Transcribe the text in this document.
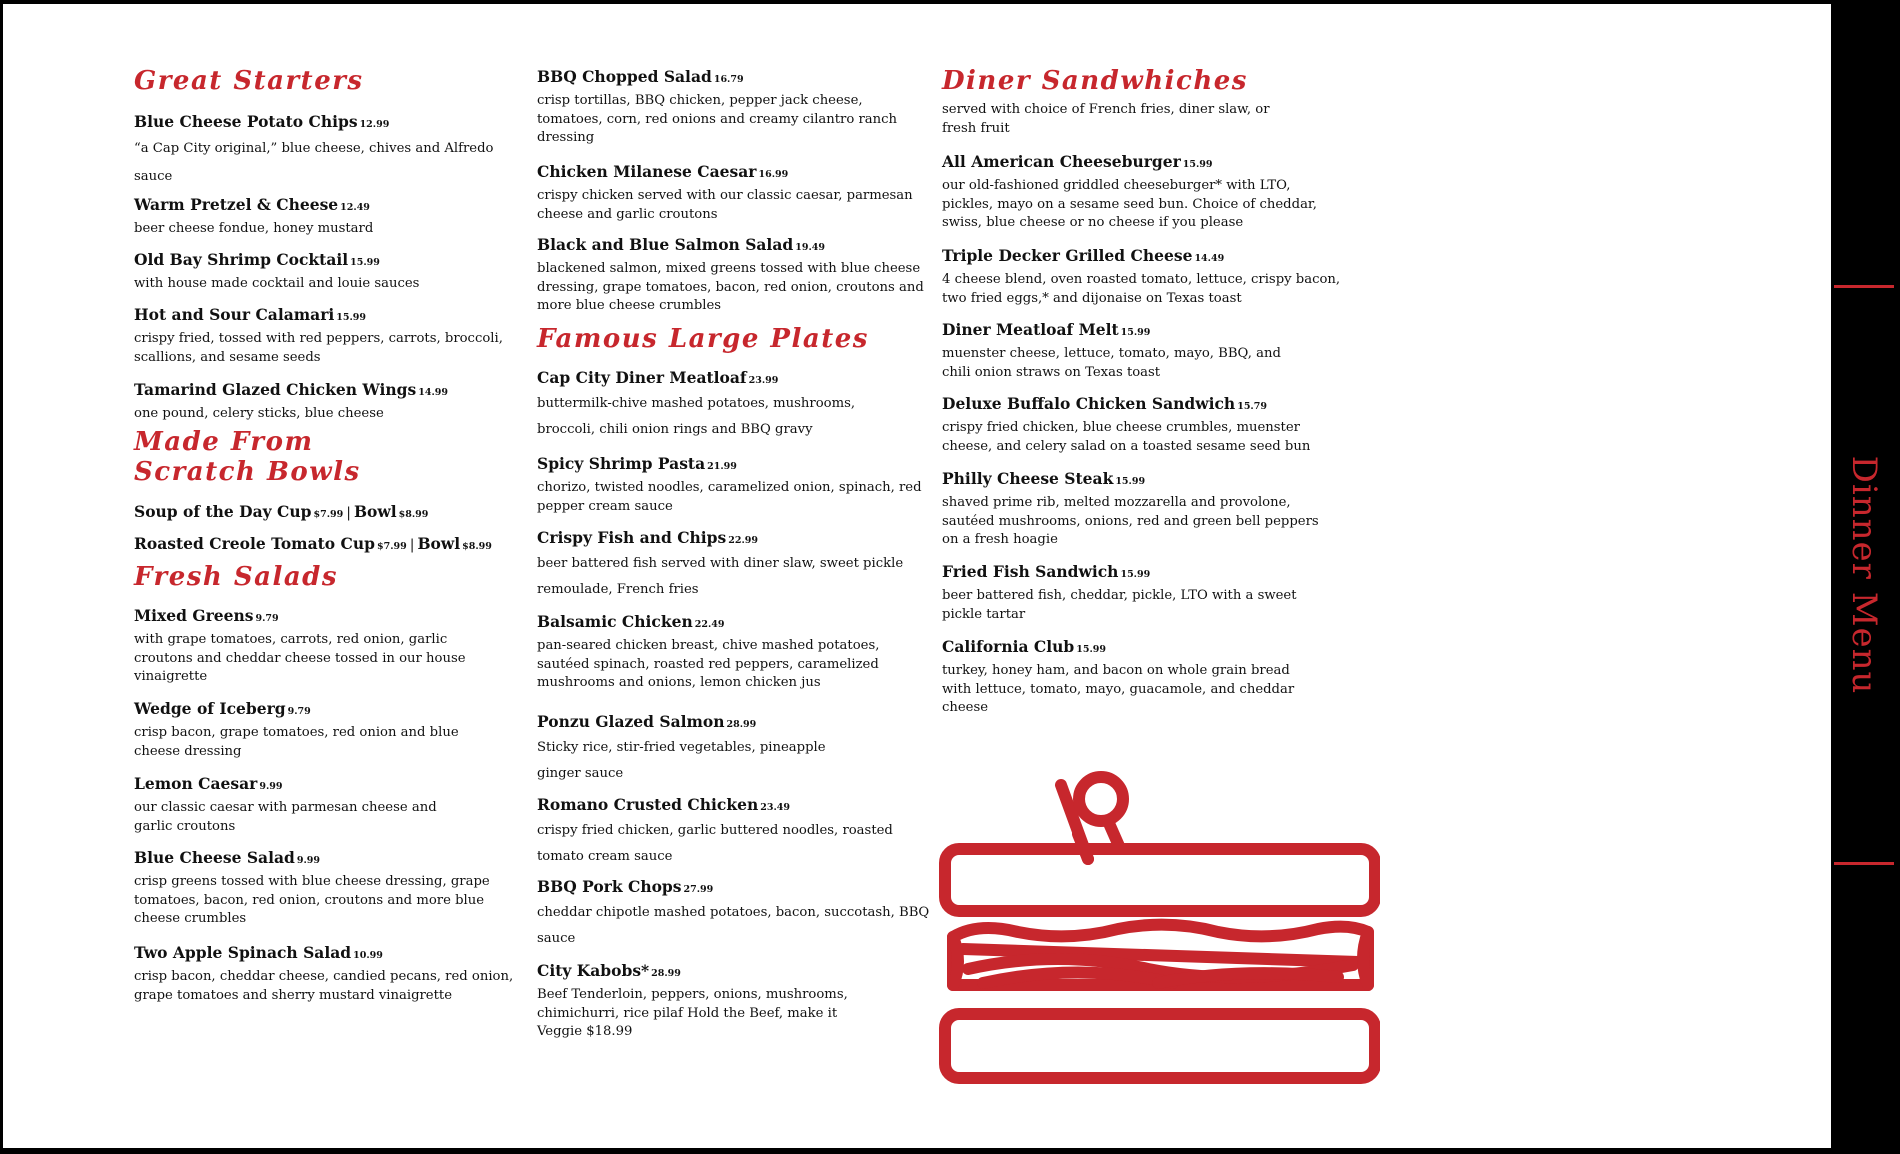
Dinner Menu
Great Starters

Blue Cheese Potato Chips 12.99

“a Cap City original,” blue cheese, chives and Alfredo sauce

Warm Pretzel & Cheese 12.49

beer cheese fondue, honey mustard

Old Bay Shrimp Cocktail 15.99

with house made cocktail and louie sauces

Hot and Sour Calamari 15.99

crispy fried, tossed with red peppers, carrots, broccoli, scallions, and sesame seeds

Tamarind Glazed Chicken Wings 14.99

one pound, celery sticks, blue cheese

Made From
Scratch Bowls

Soup of the Day Cup $7.99 | Bowl $8.99

Roasted Creole Tomato Cup $7.99 | Bowl $8.99

Fresh Salads

Mixed Greens 9.79

with grape tomatoes, carrots, red onion, garlic croutons and cheddar cheese tossed in our house vinaigrette

Wedge of Iceberg 9.79

crisp bacon, grape tomatoes, red onion and blue cheese dressing

Lemon Caesar 9.99

our classic caesar with parmesan cheese and garlic croutons

Blue Cheese Salad 9.99

crisp greens tossed with blue cheese dressing, grape tomatoes, bacon, red onion, croutons and more blue cheese crumbles

Two Apple Spinach Salad 10.99

crisp bacon, cheddar cheese, candied pecans, red onion, grape tomatoes and sherry mustard vinaigrette

BBQ Chopped Salad 16.79

crisp tortillas, BBQ chicken, pepper jack cheese, tomatoes, corn, red onions and creamy cilantro ranch dressing

Chicken Milanese Caesar 16.99

crispy chicken served with our classic caesar, parmesan cheese and garlic croutons

Black and Blue Salmon Salad 19.49

blackened salmon, mixed greens tossed with blue cheese dressing, grape tomatoes, bacon, red onion, croutons and more blue cheese crumbles

Famous Large Plates

Cap City Diner Meatloaf 23.99

buttermilk-chive mashed potatoes, mushrooms, broccoli, chili onion rings and BBQ gravy

Spicy Shrimp Pasta 21.99

chorizo, twisted noodles, caramelized onion, spinach, red pepper cream sauce

Crispy Fish and Chips 22.99

beer battered fish served with diner slaw, sweet pickle remoulade, French fries

Balsamic Chicken 22.49

pan-seared chicken breast, chive mashed potatoes, sautéed spinach, roasted red peppers, caramelized mushrooms and onions, lemon chicken jus

Ponzu Glazed Salmon 28.99

Sticky rice, stir-fried vegetables, pineapple ginger sauce

Romano Crusted Chicken 23.49

crispy fried chicken, garlic buttered noodles, roasted tomato cream sauce

BBQ Pork Chops 27.99

cheddar chipotle mashed potatoes, bacon, succotash, BBQ sauce

City Kabobs* 28.99

Beef Tenderloin, peppers, onions, mushrooms, chimichurri, rice pilaf Hold the Beef, make it Veggie $18.99

Diner Sandwhiches
served with choice of French fries, diner slaw, or fresh fruit

All American Cheeseburger 15.99

our old-fashioned griddled cheeseburger* with LTO, pickles, mayo on a sesame seed bun. Choice of cheddar, swiss, blue cheese or no cheese if you please

Triple Decker Grilled Cheese 14.49

4 cheese blend, oven roasted tomato, lettuce, crispy bacon, two fried eggs,* and dijonaise on Texas toast

Diner Meatloaf Melt 15.99

muenster cheese, lettuce, tomato, mayo, BBQ, and chili onion straws on Texas toast

Deluxe Buffalo Chicken Sandwich 15.79

crispy fried chicken, blue cheese crumbles, muenster cheese, and celery salad on a toasted sesame seed bun

Philly Cheese Steak 15.99

shaved prime rib, melted mozzarella and provolone, sautéed mushrooms, onions, red and green bell peppers on a fresh hoagie

Fried Fish Sandwich 15.99

beer battered fish, cheddar, pickle, LTO with a sweet pickle tartar

California Club 15.99

turkey, honey ham, and bacon on whole grain bread with lettuce, tomato, mayo, guacamole, and cheddar cheese
